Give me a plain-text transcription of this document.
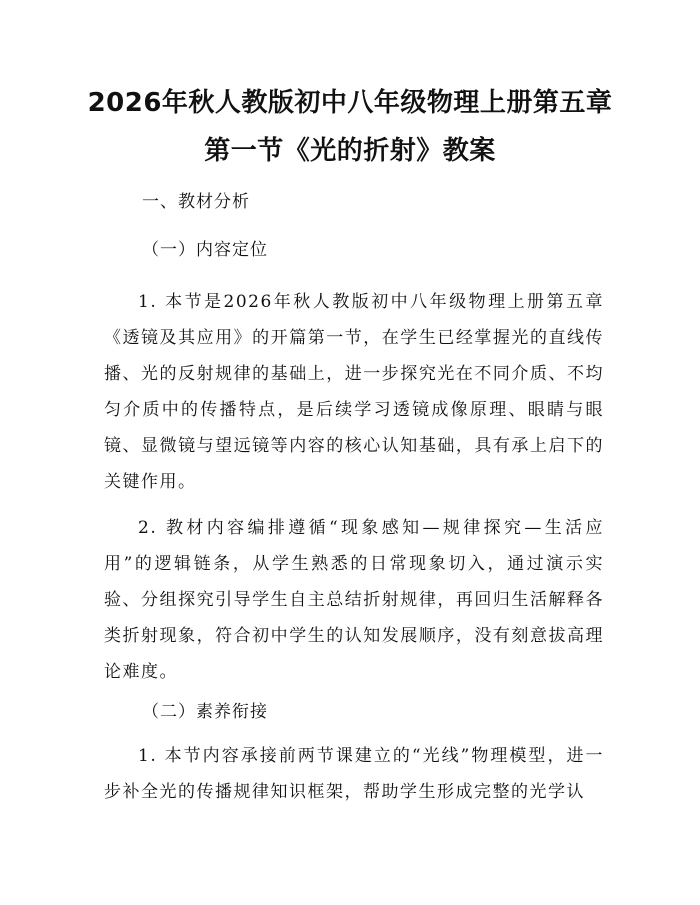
2026年秋人教版初中八年级物理上册第五章
第一节《光的折射》教案
一、教材分析
（一）内容定位
1. 本节是2026年秋人教版初中八年级物理上册第五章《透镜及其应用》的开篇第一节，在学生已经掌握光的直线传播、光的反射规律的基础上，进一步探究光在不同介质、不均匀介质中的传播特点，是后续学习透镜成像原理、眼睛与眼镜、显微镜与望远镜等内容的核心认知基础，具有承上启下的关键作用。
2. 教材内容编排遵循“现象感知—规律探究—生活应用”的逻辑链条，从学生熟悉的日常现象切入，通过演示实验、分组探究引导学生自主总结折射规律，再回归生活解释各类折射现象，符合初中学生的认知发展顺序，没有刻意拔高理论难度。
（二）素养衔接
1. 本节内容承接前两节课建立的“光线”物理模型，进一步补全光的传播规律知识框架，帮助学生形成完整的光学认
